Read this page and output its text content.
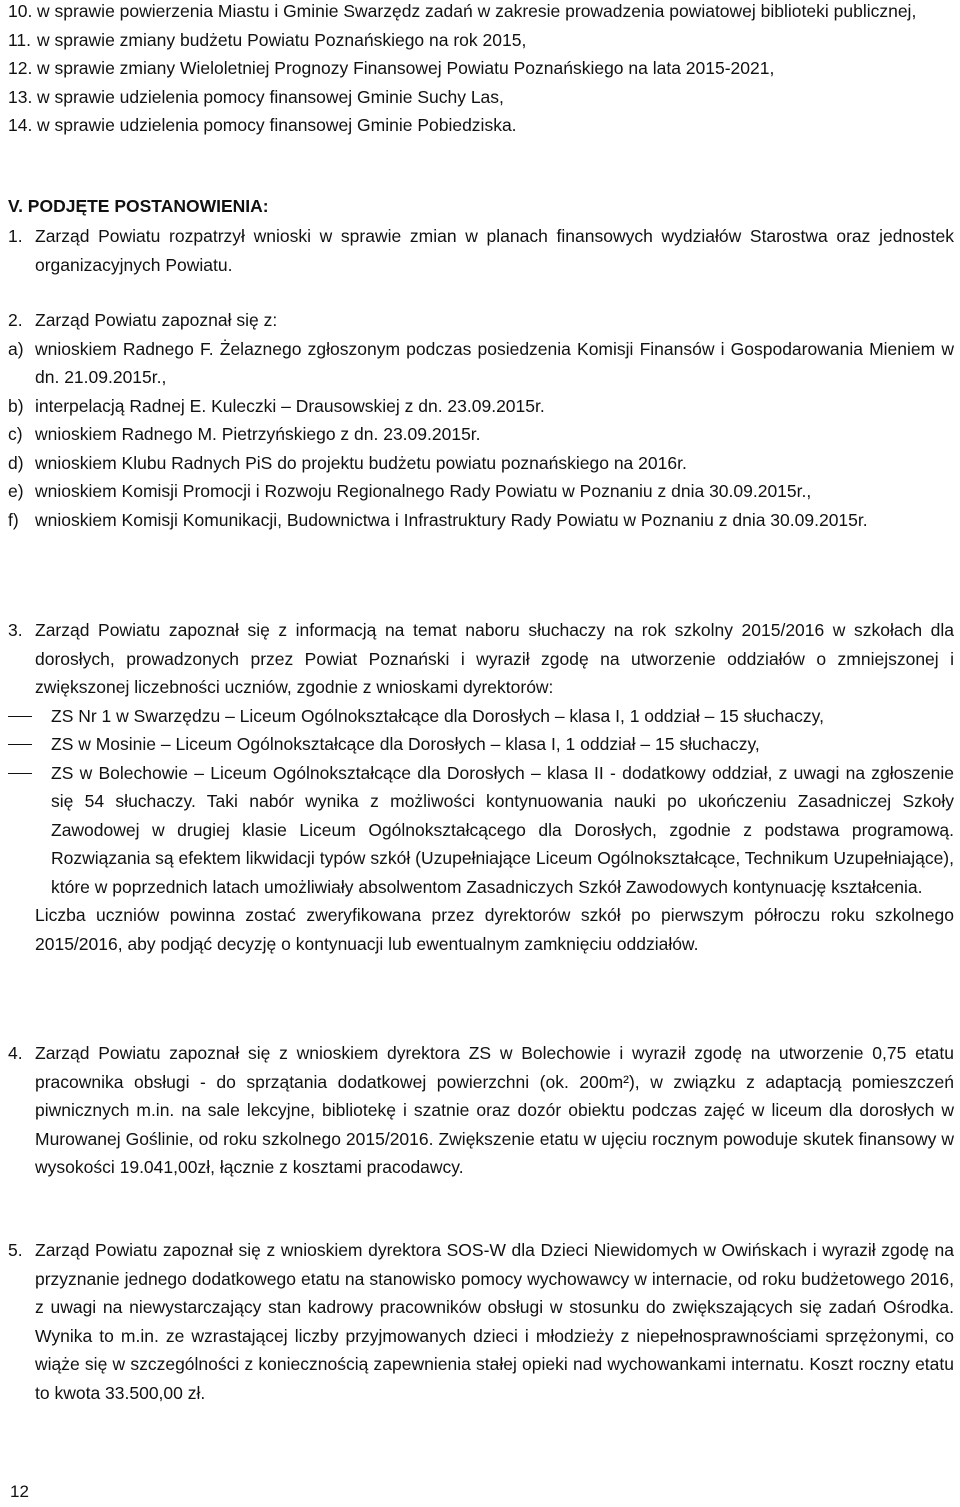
10. w sprawie powierzenia Miastu i Gminie Swarzędz zadań w zakresie prowadzenia powiatowej biblioteki publicznej,
11. w sprawie zmiany budżetu Powiatu Poznańskiego na rok 2015,
12. w sprawie zmiany Wieloletniej Prognozy Finansowej Powiatu Poznańskiego na lata 2015-2021,
13. w sprawie udzielenia pomocy finansowej Gminie Suchy Las,
14. w sprawie udzielenia pomocy finansowej Gminie Pobiedziska.
V. PODJĘTE POSTANOWIENIA:
1. Zarząd Powiatu rozpatrzył wnioski w sprawie zmian w planach finansowych wydziałów Starostwa oraz jednostek organizacyjnych Powiatu.
2. Zarząd Powiatu zapoznał się z:
a) wnioskiem Radnego F. Żelaznego zgłoszonym podczas posiedzenia Komisji Finansów i Gospodarowania Mieniem w dn. 21.09.2015r.,
b) interpelacją Radnej E. Kuleczki – Drausowskiej z dn. 23.09.2015r.
c) wnioskiem Radnego M. Pietrzyńskiego z dn. 23.09.2015r.
d) wnioskiem Klubu Radnych PiS do projektu budżetu powiatu poznańskiego na 2016r.
e) wnioskiem Komisji Promocji i Rozwoju Regionalnego Rady Powiatu w Poznaniu z dnia 30.09.2015r.,
f) wnioskiem Komisji Komunikacji, Budownictwa i Infrastruktury Rady Powiatu w Poznaniu z dnia 30.09.2015r.
3. Zarząd Powiatu zapoznał się z informacją na temat naboru słuchaczy na rok szkolny 2015/2016 w szkołach dla dorosłych, prowadzonych przez Powiat Poznański i wyraził zgodę na utworzenie oddziałów o zmniejszonej i zwiększonej liczebności uczniów, zgodnie z wnioskami dyrektorów:
ZS Nr 1 w Swarzędzu – Liceum Ogólnokształcące dla Dorosłych – klasa I, 1 oddział – 15 słuchaczy,
ZS w Mosinie – Liceum Ogólnokształcące dla Dorosłych – klasa I, 1 oddział – 15 słuchaczy,
ZS w Bolechowie – Liceum Ogólnokształcące dla Dorosłych – klasa II - dodatkowy oddział, z uwagi na zgłoszenie się 54 słuchaczy. Taki nabór wynika z możliwości kontynuowania nauki po ukończeniu Zasadniczej Szkoły Zawodowej w drugiej klasie Liceum Ogólnokształcącego dla Dorosłych, zgodnie z podstawa programową. Rozwiązania są efektem likwidacji typów szkół (Uzupełniające Liceum Ogólnokształcące, Technikum Uzupełniające), które w poprzednich latach umożliwiały absolwentom Zasadniczych Szkół Zawodowych kontynuację kształcenia.
Liczba uczniów powinna zostać zweryfikowana przez dyrektorów szkół po pierwszym półroczu roku szkolnego 2015/2016, aby podjąć decyzję o kontynuacji lub ewentualnym zamknięciu oddziałów.
4. Zarząd Powiatu zapoznał się z wnioskiem dyrektora ZS w Bolechowie i wyraził zgodę na utworzenie 0,75 etatu pracownika obsługi - do sprzątania dodatkowej powierzchni (ok. 200m²), w związku z adaptacją pomieszczeń piwnicznych m.in. na sale lekcyjne, bibliotekę i szatnie oraz dozór obiektu podczas zajęć w liceum dla dorosłych w Murowanej Goślinie, od roku szkolnego 2015/2016. Zwiększenie etatu w ujęciu rocznym powoduje skutek finansowy w wysokości 19.041,00zł, łącznie z kosztami pracodawcy.
5. Zarząd Powiatu zapoznał się z wnioskiem dyrektora SOS-W dla Dzieci Niewidomych w Owińskach i wyraził zgodę na przyznanie jednego dodatkowego etatu na stanowisko pomocy wychowawcy w internacie, od roku budżetowego 2016, z uwagi na niewystarczający stan kadrowy pracowników obsługi w stosunku do zwiększających się zadań Ośrodka. Wynika to m.in. ze wzrastającej liczby przyjmowanych dzieci i młodzieży z niepełnosprawnościami sprzężonymi, co wiąże się w szczególności z koniecznością zapewnienia stałej opieki nad wychowankami internatu. Koszt roczny etatu to kwota 33.500,00 zł.
12
